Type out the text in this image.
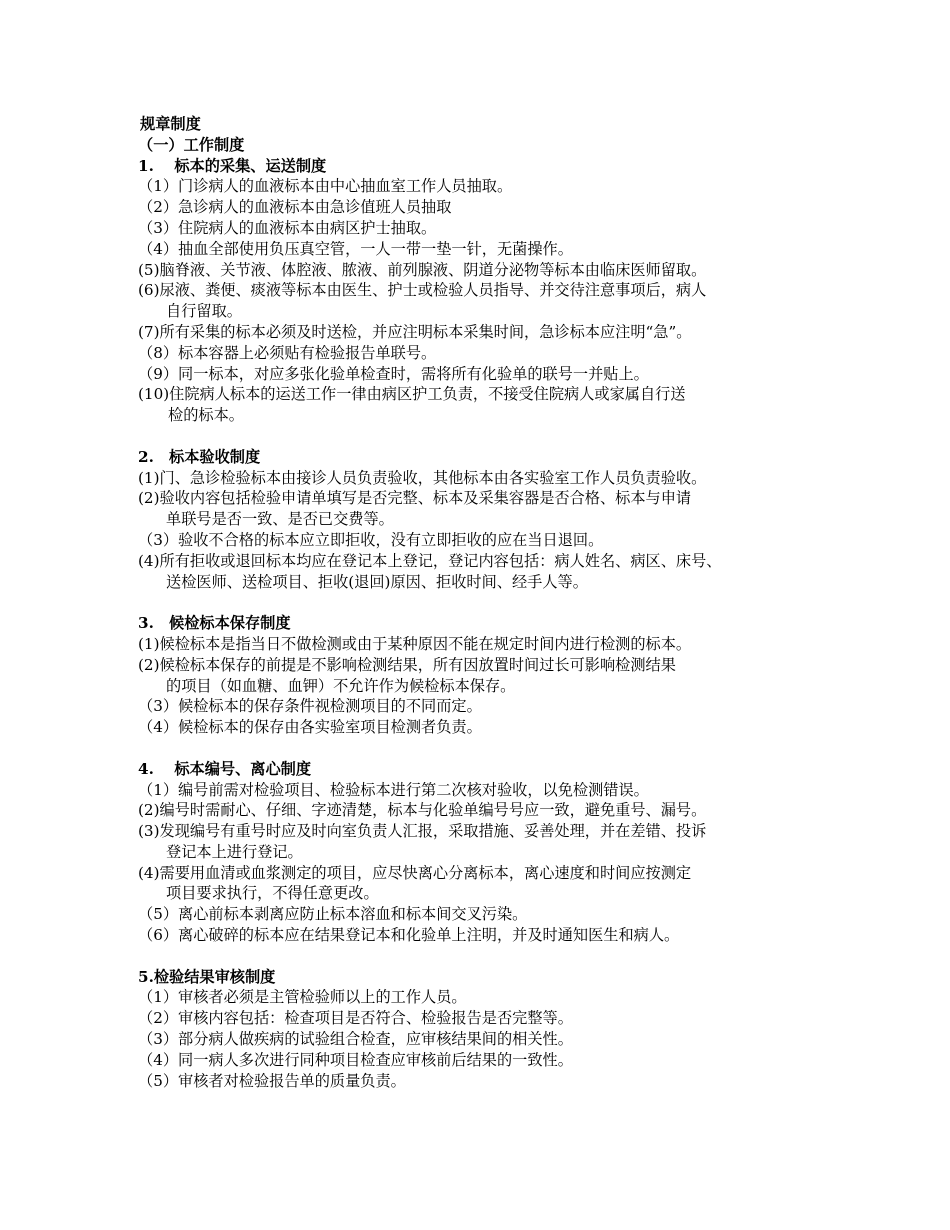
规章制度
（一）工作制度
1.　 标本的采集、运送制度
（1）门诊病人的血液标本由中心抽血室工作人员抽取。
（2）急诊病人的血液标本由急诊值班人员抽取
（3）住院病人的血液标本由病区护士抽取。
（4）抽血全部使用负压真空管，一人一带一垫一针，无菌操作。
(5)脑脊液、关节液、体腔液、脓液、前列腺液、阴道分泌物等标本由临床医师留取。
(6)尿液、粪便、痰液等标本由医生、护士或检验人员指导、并交待注意事项后，病人
自行留取。
(7)所有采集的标本必须及时送检，并应注明标本采集时间，急诊标本应注明“急”。
（8）标本容器上必须贴有检验报告单联号。
（9）同一标本，对应多张化验单检查时，需将所有化验单的联号一并贴上。
(10)住院病人标本的运送工作一律由病区护工负责，不接受住院病人或家属自行送
检的标本。
2.　标本验收制度
(1)门、急诊检验标本由接诊人员负责验收，其他标本由各实验室工作人员负责验收。
(2)验收内容包括检验申请单填写是否完整、标本及采集容器是否合格、标本与申请
单联号是否一致、是否已交费等。
（3）验收不合格的标本应立即拒收，没有立即拒收的应在当日退回。
(4)所有拒收或退回标本均应在登记本上登记，登记内容包括：病人姓名、病区、床号、
送检医师、送检项目、拒收(退回)原因、拒收时间、经手人等。
3.　候检标本保存制度
(1)候检标本是指当日不做检测或由于某种原因不能在规定时间内进行检测的标本。
(2)候检标本保存的前提是不影响检测结果，所有因放置时间过长可影响检测结果
的项目（如血糖、血钾）不允许作为候检标本保存。
（3）候检标本的保存条件视检测项目的不同而定。
（4）候检标本的保存由各实验室项目检测者负责。
4.　 标本编号、离心制度
（1）编号前需对检验项目、检验标本进行第二次核对验收，以免检测错误。
(2)编号时需耐心、仔细、字迹清楚，标本与化验单编号号应一致，避免重号、漏号。
(3)发现编号有重号时应及时向室负责人汇报，采取措施、妥善处理，并在差错、投诉
登记本上进行登记。
(4)需要用血清或血浆测定的项目，应尽快离心分离标本，离心速度和时间应按测定
项目要求执行，不得任意更改。
（5）离心前标本剥离应防止标本溶血和标本间交叉污染。
（6）离心破碎的标本应在结果登记本和化验单上注明，并及时通知医生和病人。
5.检验结果审核制度
（1）审核者必须是主管检验师以上的工作人员。
（2）审核内容包括：检查项目是否符合、检验报告是否完整等。
（3）部分病人做疾病的试验组合检查，应审核结果间的相关性。
（4）同一病人多次进行同种项目检查应审核前后结果的一致性。
（5）审核者对检验报告单的质量负责。
